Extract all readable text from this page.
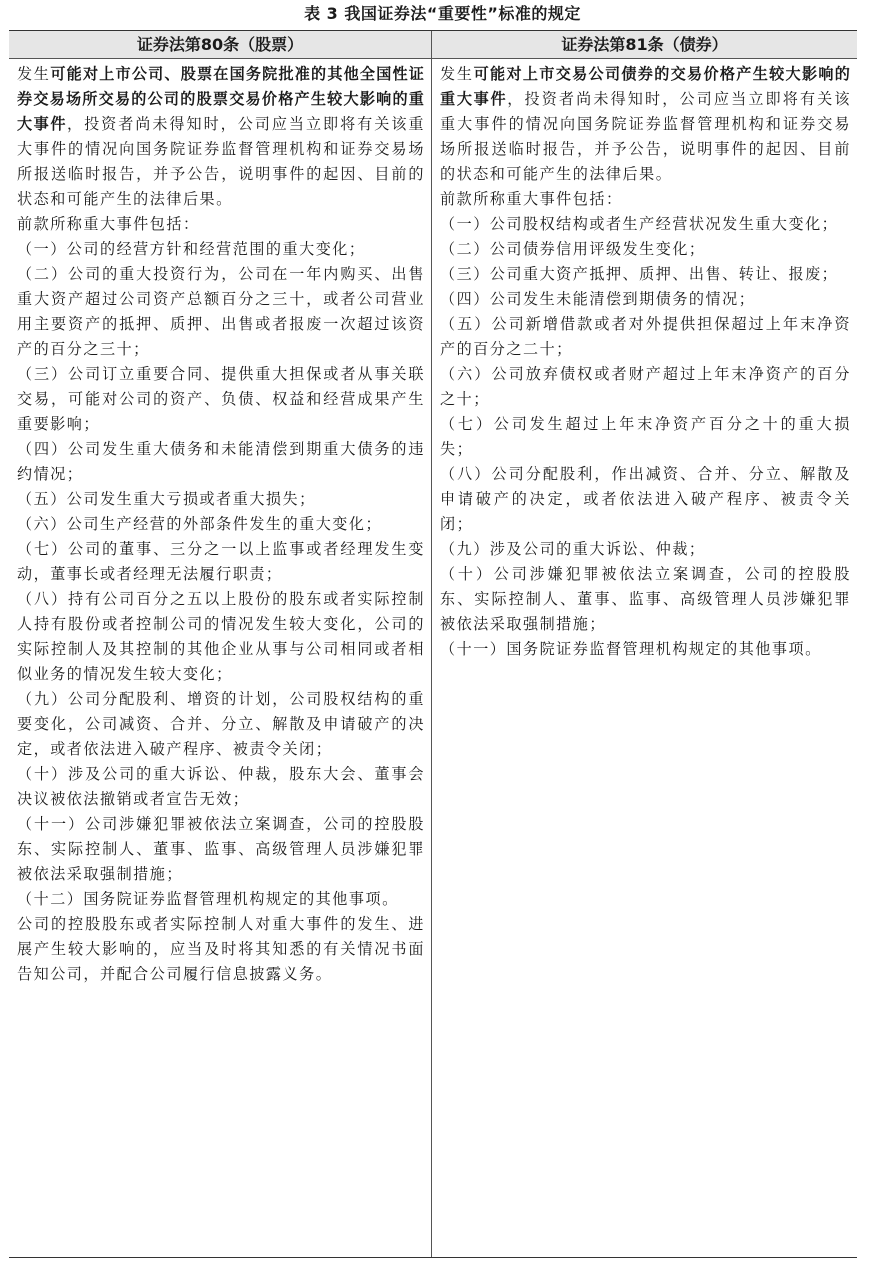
表 3 我国证券法“重要性”标准的规定
证券法第80条（股票）	证券法第81条（债券）

发生可能对上市公司、股票在国务院批准的其他全国性证券交易场所交易的公司的股票交易价格产生较大影响的重大事件，投资者尚未得知时，公司应当立即将有关该重大事件的情况向国务院证券监督管理机构和证券交易场所报送临时报告，并予公告，说明事件的起因、目前的状态和可能产生的法律后果。

前款所称重大事件包括：

（一）公司的经营方针和经营范围的重大变化；

（二）公司的重大投资行为，公司在一年内购买、出售重大资产超过公司资产总额百分之三十，或者公司营业用主要资产的抵押、质押、出售或者报废一次超过该资产的百分之三十；

（三）公司订立重要合同、提供重大担保或者从事关联交易，可能对公司的资产、负债、权益和经营成果产生重要影响；

（四）公司发生重大债务和未能清偿到期重大债务的违约情况；

（五）公司发生重大亏损或者重大损失；

（六）公司生产经营的外部条件发生的重大变化；

（七）公司的董事、三分之一以上监事或者经理发生变动，董事长或者经理无法履行职责；

（八）持有公司百分之五以上股份的股东或者实际控制人持有股份或者控制公司的情况发生较大变化，公司的实际控制人及其控制的其他企业从事与公司相同或者相似业务的情况发生较大变化；

（九）公司分配股利、增资的计划，公司股权结构的重要变化，公司减资、合并、分立、解散及申请破产的决定，或者依法进入破产程序、被责令关闭；

（十）涉及公司的重大诉讼、仲裁，股东大会、董事会决议被依法撤销或者宣告无效；

（十一）公司涉嫌犯罪被依法立案调查，公司的控股股东、实际控制人、董事、监事、高级管理人员涉嫌犯罪被依法采取强制措施；

（十二）国务院证券监督管理机构规定的其他事项。

公司的控股股东或者实际控制人对重大事件的发生、进展产生较大影响的，应当及时将其知悉的有关情况书面告知公司，并配合公司履行信息披露义务。

发生可能对上市交易公司债券的交易价格产生较大影响的重大事件，投资者尚未得知时，公司应当立即将有关该重大事件的情况向国务院证券监督管理机构和证券交易场所报送临时报告，并予公告，说明事件的起因、目前的状态和可能产生的法律后果。

前款所称重大事件包括：

（一）公司股权结构或者生产经营状况发生重大变化；

（二）公司债券信用评级发生变化；

（三）公司重大资产抵押、质押、出售、转让、报废；

（四）公司发生未能清偿到期债务的情况；

（五）公司新增借款或者对外提供担保超过上年末净资产的百分之二十；

（六）公司放弃债权或者财产超过上年末净资产的百分之十；

（七）公司发生超过上年末净资产百分之十的重大损失；

（八）公司分配股利，作出减资、合并、分立、解散及申请破产的决定，或者依法进入破产程序、被责令关闭；

（九）涉及公司的重大诉讼、仲裁；

（十）公司涉嫌犯罪被依法立案调查，公司的控股股东、实际控制人、董事、监事、高级管理人员涉嫌犯罪被依法采取强制措施；

（十一）国务院证券监督管理机构规定的其他事项。
